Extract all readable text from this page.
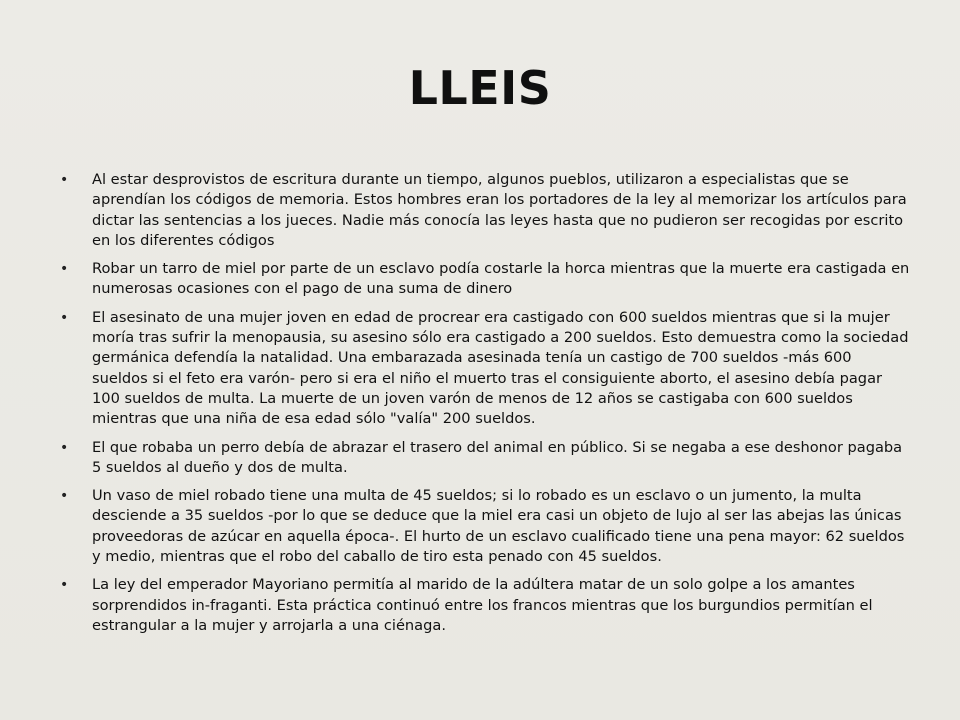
LLEIS
• Al estar desprovistos de escritura durante un tiempo, algunos pueblos, utilizaron a especialistas que se aprendían los códigos de memoria. Estos hombres eran los portadores de la ley al memorizar los artículos para dictar las sentencias a los jueces. Nadie más conocía las leyes hasta que no pudieron ser recogidas por escrito en los diferentes códigos
• Robar un tarro de miel por parte de un esclavo podía costarle la horca mientras que la muerte era castigada en numerosas ocasiones con el pago de una suma de dinero
• El asesinato de una mujer joven en edad de procrear era castigado con 600 sueldos mientras que si la mujer moría tras sufrir la menopausia, su asesino sólo era castigado a 200 sueldos. Esto demuestra como la sociedad germánica defendía la natalidad. Una embarazada asesinada tenía un castigo de 700 sueldos -más 600 sueldos si el feto era varón- pero si era el niño el muerto tras el consiguiente aborto, el asesino debía pagar 100 sueldos de multa. La muerte de un joven varón de menos de 12 años se castigaba con 600 sueldos mientras que una niña de esa edad sólo "valía" 200 sueldos.
• El que robaba un perro debía de abrazar el trasero del animal en público. Si se negaba a ese deshonor pagaba 5 sueldos al dueño y dos de multa.
• Un vaso de miel robado tiene una multa de 45 sueldos; si lo robado es un esclavo o un jumento, la multa desciende a 35 sueldos -por lo que se deduce que la miel era casi un objeto de lujo al ser las abejas las únicas proveedoras de azúcar en aquella época-. El hurto de un esclavo cualificado tiene una pena mayor: 62 sueldos y medio, mientras que el robo del caballo de tiro esta penado con 45 sueldos.
• La ley del emperador Mayoriano permitía al marido de la adúltera matar de un solo golpe a los amantes sorprendidos in-fraganti. Esta práctica continuó entre los francos mientras que los burgundios permitían el estrangular a la mujer y arrojarla a una ciénaga.
